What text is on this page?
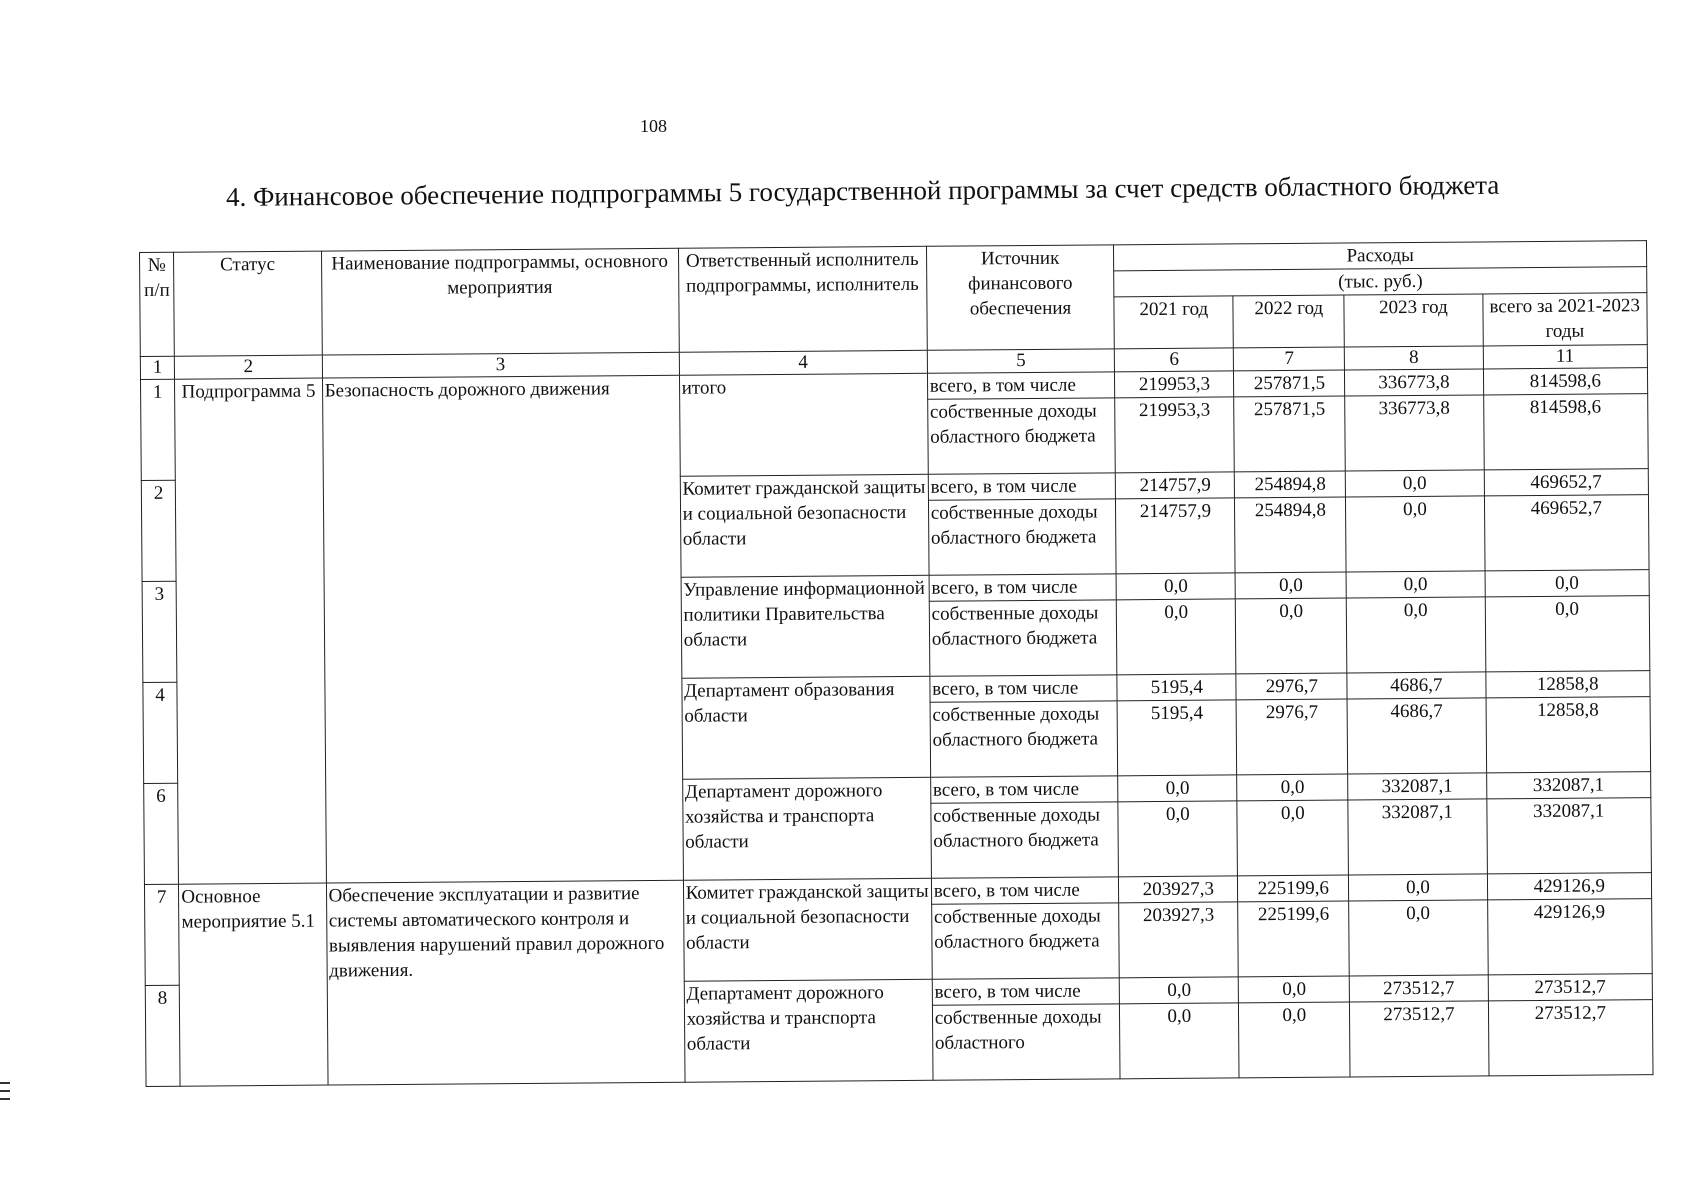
108
4. Финансовое обеспечение подпрограммы 5 государственной программы за счет средств областного бюджета
№ п/п	Статус	Наименование подпрограммы, основного мероприятия	Ответственный исполнитель подпрограммы, исполнитель	Источник финансового обеспечения	Расходы			
					(тыс. руб.)			
					2021 год	2022 год	2023 год	всего за 2021-2023 годы
1	2	3	4	5	6	7	8	11
1	Подпрограмма 5	Безопасность дорожного движения	итого	всего, в том числе	219953,3	257871,5	336773,8	814598,6
				собственные доходы областного бюджета	219953,3	257871,5	336773,8	814598,6
2			Комитет гражданской защиты и социальной безопасности области	всего, в том числе	214757,9	254894,8	0,0	469652,7
				собственные доходы областного бюджета	214757,9	254894,8	0,0	469652,7
3			Управление информационной политики Правительства области	всего, в том числе	0,0	0,0	0,0	0,0
				собственные доходы областного бюджета	0,0	0,0	0,0	0,0
4			Департамент образования области	всего, в том числе	5195,4	2976,7	4686,7	12858,8
				собственные доходы областного бюджета	5195,4	2976,7	4686,7	12858,8
6			Департамент дорожного хозяйства и транспорта области	всего, в том числе	0,0	0,0	332087,1	332087,1
				собственные доходы областного бюджета	0,0	0,0	332087,1	332087,1
7	Основное мероприятие 5.1	Обеспечение эксплуатации и развитие системы автоматического контроля и выявления нарушений правил дорожного движения.	Комитет гражданской защиты и социальной безопасности области	всего, в том числе	203927,3	225199,6	0,0	429126,9
				собственные доходы областного бюджета	203927,3	225199,6	0,0	429126,9
8			Департамент дорожного хозяйства и транспорта области	всего, в том числе	0,0	0,0	273512,7	273512,7
				собственные доходы областного	0,0	0,0	273512,7	273512,7
